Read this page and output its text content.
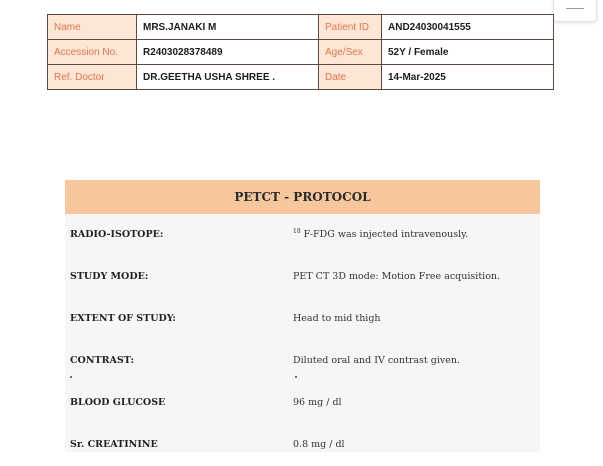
Name	MRS.JANAKI M	Patient ID	AND24030041555
Accession No.	R2403028378489	Age/Sex	52Y / Female
Ref. Doctor	DR.GEETHA USHA SHREE .	Date	14-Mar-2025
PETCT - PROTOCOL
RADIO-ISOTOPE:	$^{18}$ F-FDG was injected intravenously.
STUDY MODE:	PET CT 3D mode: Motion Free acquisition.
EXTENT OF STUDY:	Head to mid thigh
CONTRAST:	Diluted oral and IV contrast given.
BLOOD GLUCOSE	96 mg / dl
Sr. CREATININE	0.8 mg / dl
